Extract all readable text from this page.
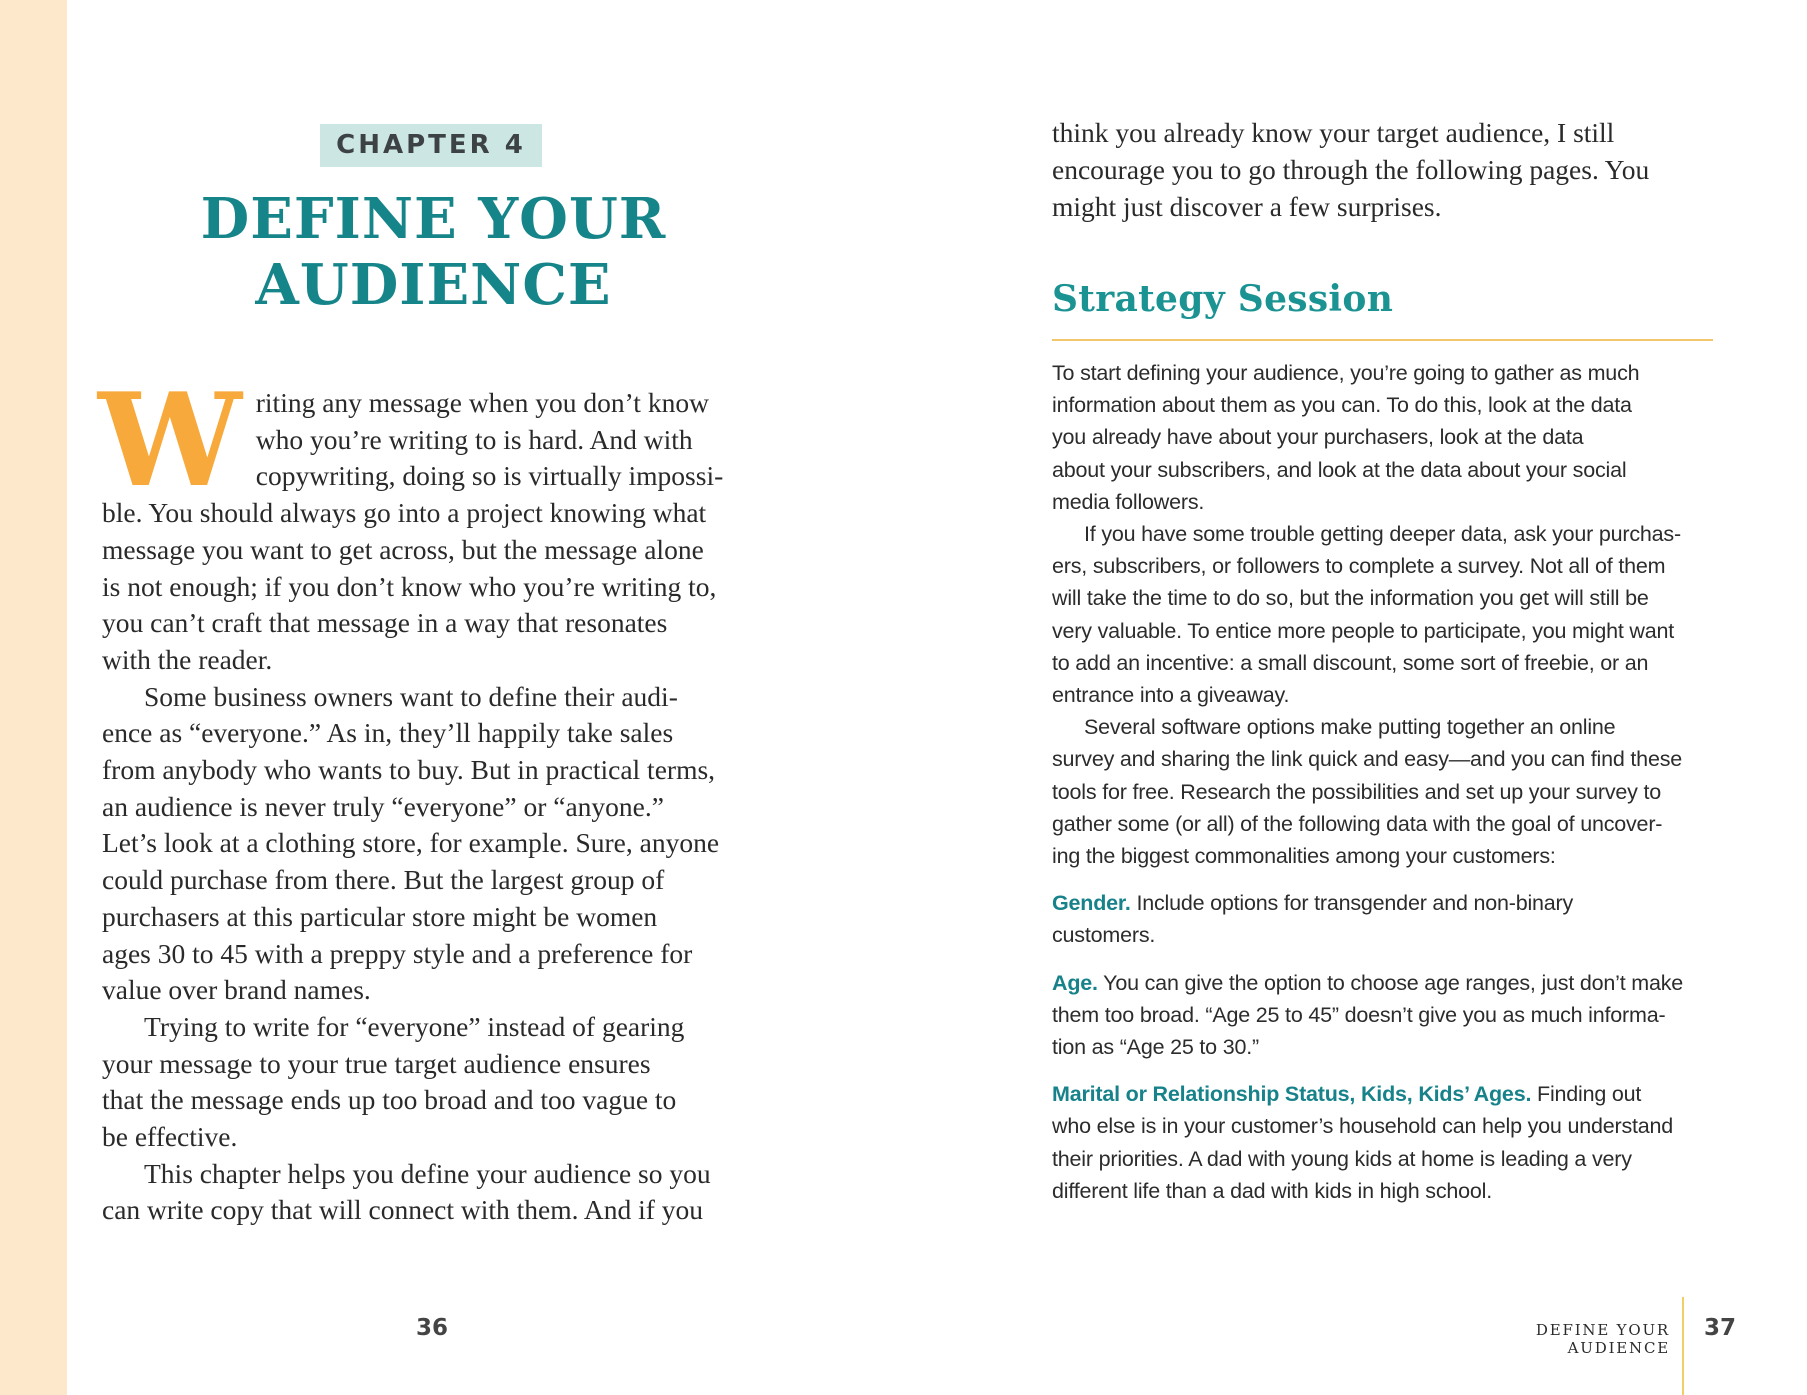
CHAPTER 4
DEFINE YOUR
AUDIENCE

W riting any message when you don’t know
who you’re writing to is hard. And with
copywriting, doing so is virtually impossi-
ble. You should always go into a project knowing what
message you want to get across, but the message alone
is not enough; if you don’t know who you’re writing to,
you can’t craft that message in a way that resonates
with the reader.

Some business owners want to define their audi-
ence as “everyone.” As in, they’ll happily take sales
from anybody who wants to buy. But in practical terms,
an audience is never truly “everyone” or “anyone.”
Let’s look at a clothing store, for example. Sure, anyone
could purchase from there. But the largest group of
purchasers at this particular store might be women
ages 30 to 45 with a preppy style and a preference for
value over brand names.

Trying to write for “everyone” instead of gearing
your message to your true target audience ensures
that the message ends up too broad and too vague to
be effective.

This chapter helps you define your audience so you
can write copy that will connect with them. And if you

36
think you already know your target audience, I still
encourage you to go through the following pages. You
might just discover a few surprises.
Strategy Session

To start defining your audience, you’re going to gather as much
information about them as you can. To do this, look at the data
you already have about your purchasers, look at the data
about your subscribers, and look at the data about your social
media followers.

If you have some trouble getting deeper data, ask your purchas-
ers, subscribers, or followers to complete a survey. Not all of them
will take the time to do so, but the information you get will still be
very valuable. To entice more people to participate, you might want
to add an incentive: a small discount, some sort of freebie, or an
entrance into a giveaway.

Several software options make putting together an online
survey and sharing the link quick and easy—and you can find these
tools for free. Research the possibilities and set up your survey to
gather some (or all) of the following data with the goal of uncover-
ing the biggest commonalities among your customers:

Gender. Include options for transgender and non-binary
customers.

Age. You can give the option to choose age ranges, just don’t make
them too broad. “Age 25 to 45” doesn’t give you as much informa-
tion as “Age 25 to 30.”

Marital or Relationship Status, Kids, Kids’ Ages. Finding out
who else is in your customer’s household can help you understand
their priorities. A dad with young kids at home is leading a very
different life than a dad with kids in high school.

DEFINE YOUR AUDIENCE
37
